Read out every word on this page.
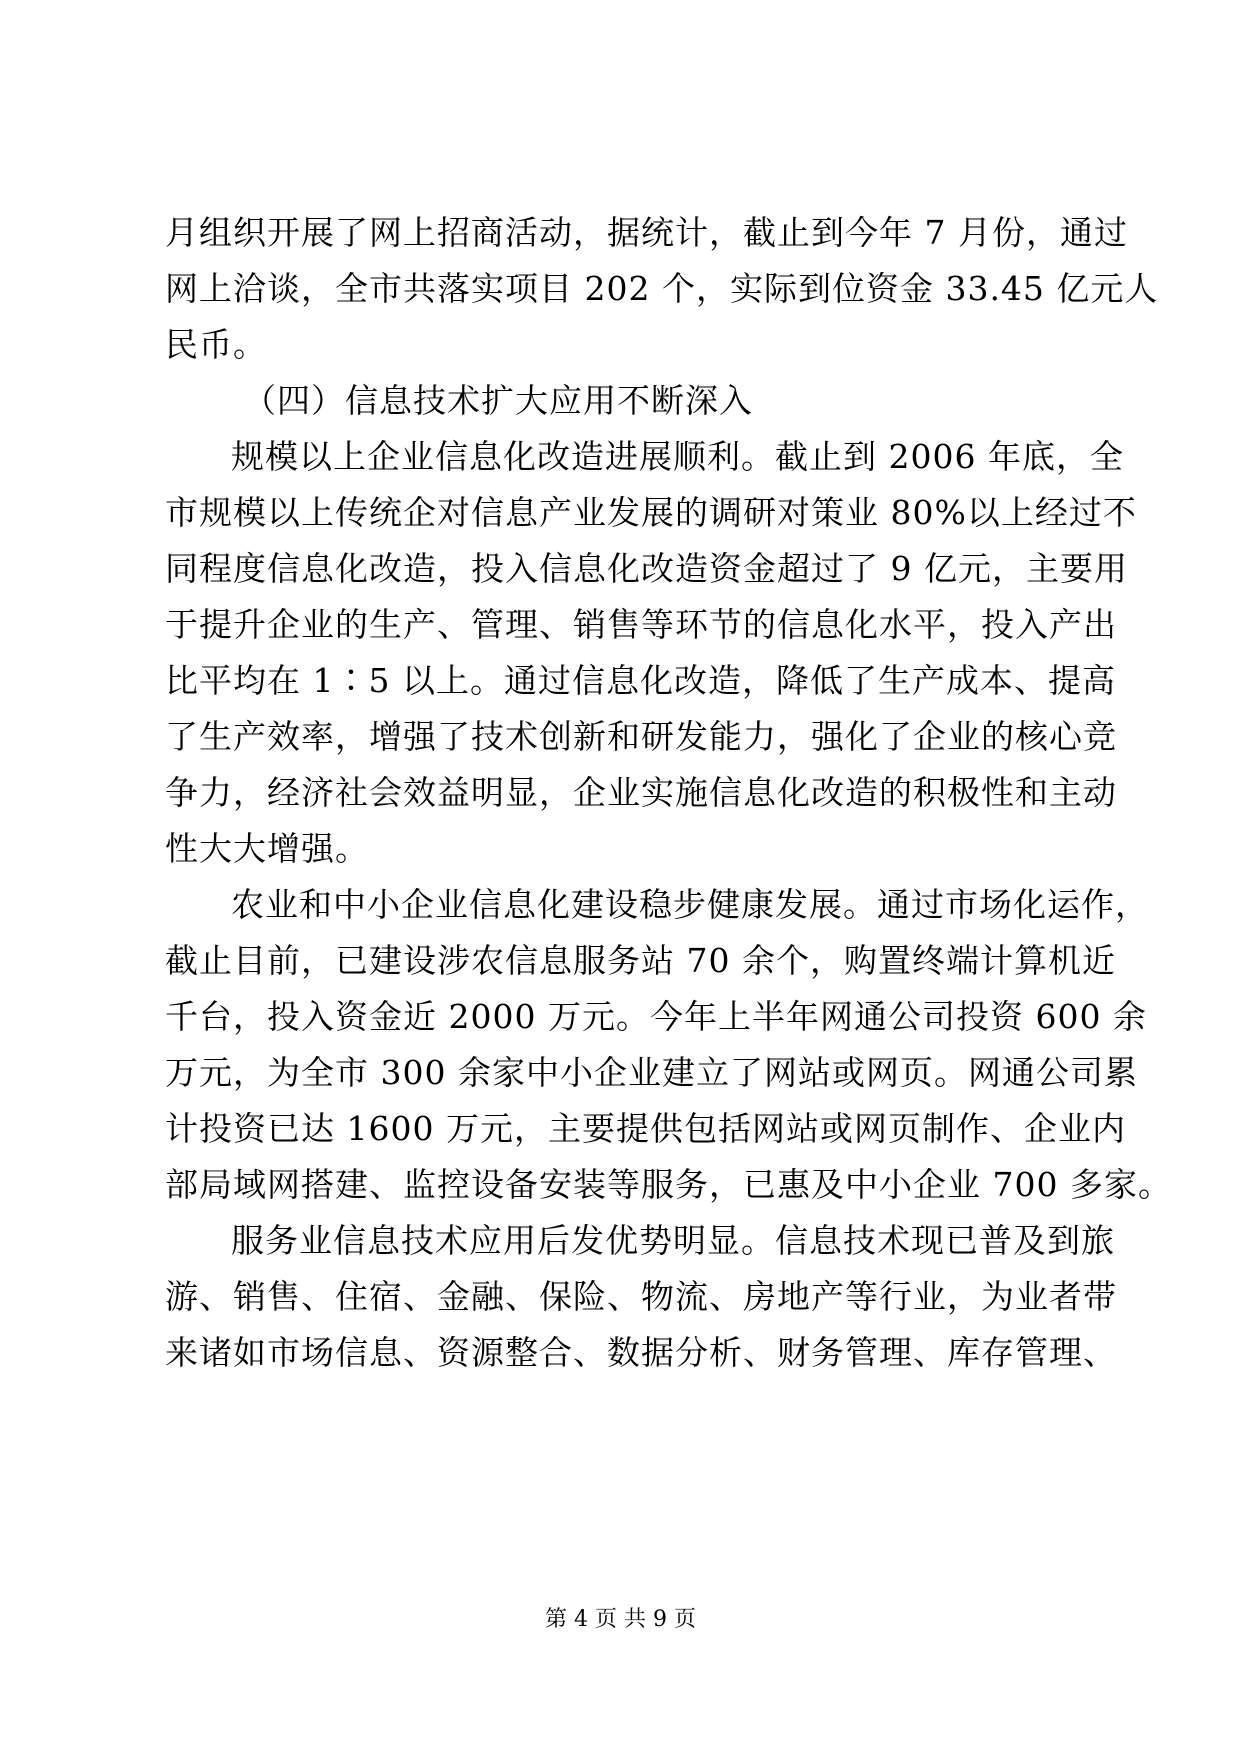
月组织开展了网上招商活动，据统计，截止到今年 7 月份，通过
网上洽谈，全市共落实项目 202 个，实际到位资金 33.45 亿元人
民币。
（四）信息技术扩大应用不断深入
规模以上企业信息化改造进展顺利。截止到 2006 年底，全
市规模以上传统企对信息产业发展的调研对策业 80%以上经过不
同程度信息化改造，投入信息化改造资金超过了 9 亿元，主要用
于提升企业的生产、管理、销售等环节的信息化水平，投入产出
比平均在 1∶5 以上。通过信息化改造，降低了生产成本、提高
了生产效率，增强了技术创新和研发能力，强化了企业的核心竞
争力，经济社会效益明显，企业实施信息化改造的积极性和主动
性大大增强。
农业和中小企业信息化建设稳步健康发展。通过市场化运作，
截止目前，已建设涉农信息服务站 70 余个，购置终端计算机近
千台，投入资金近 2000 万元。今年上半年网通公司投资 600 余
万元，为全市 300 余家中小企业建立了网站或网页。网通公司累
计投资已达 1600 万元，主要提供包括网站或网页制作、企业内
部局域网搭建、监控设备安装等服务，已惠及中小企业 700 多家。
服务业信息技术应用后发优势明显。信息技术现已普及到旅
游、销售、住宿、金融、保险、物流、房地产等行业，为业者带
来诸如市场信息、资源整合、数据分析、财务管理、库存管理、
第 4 页 共 9 页
